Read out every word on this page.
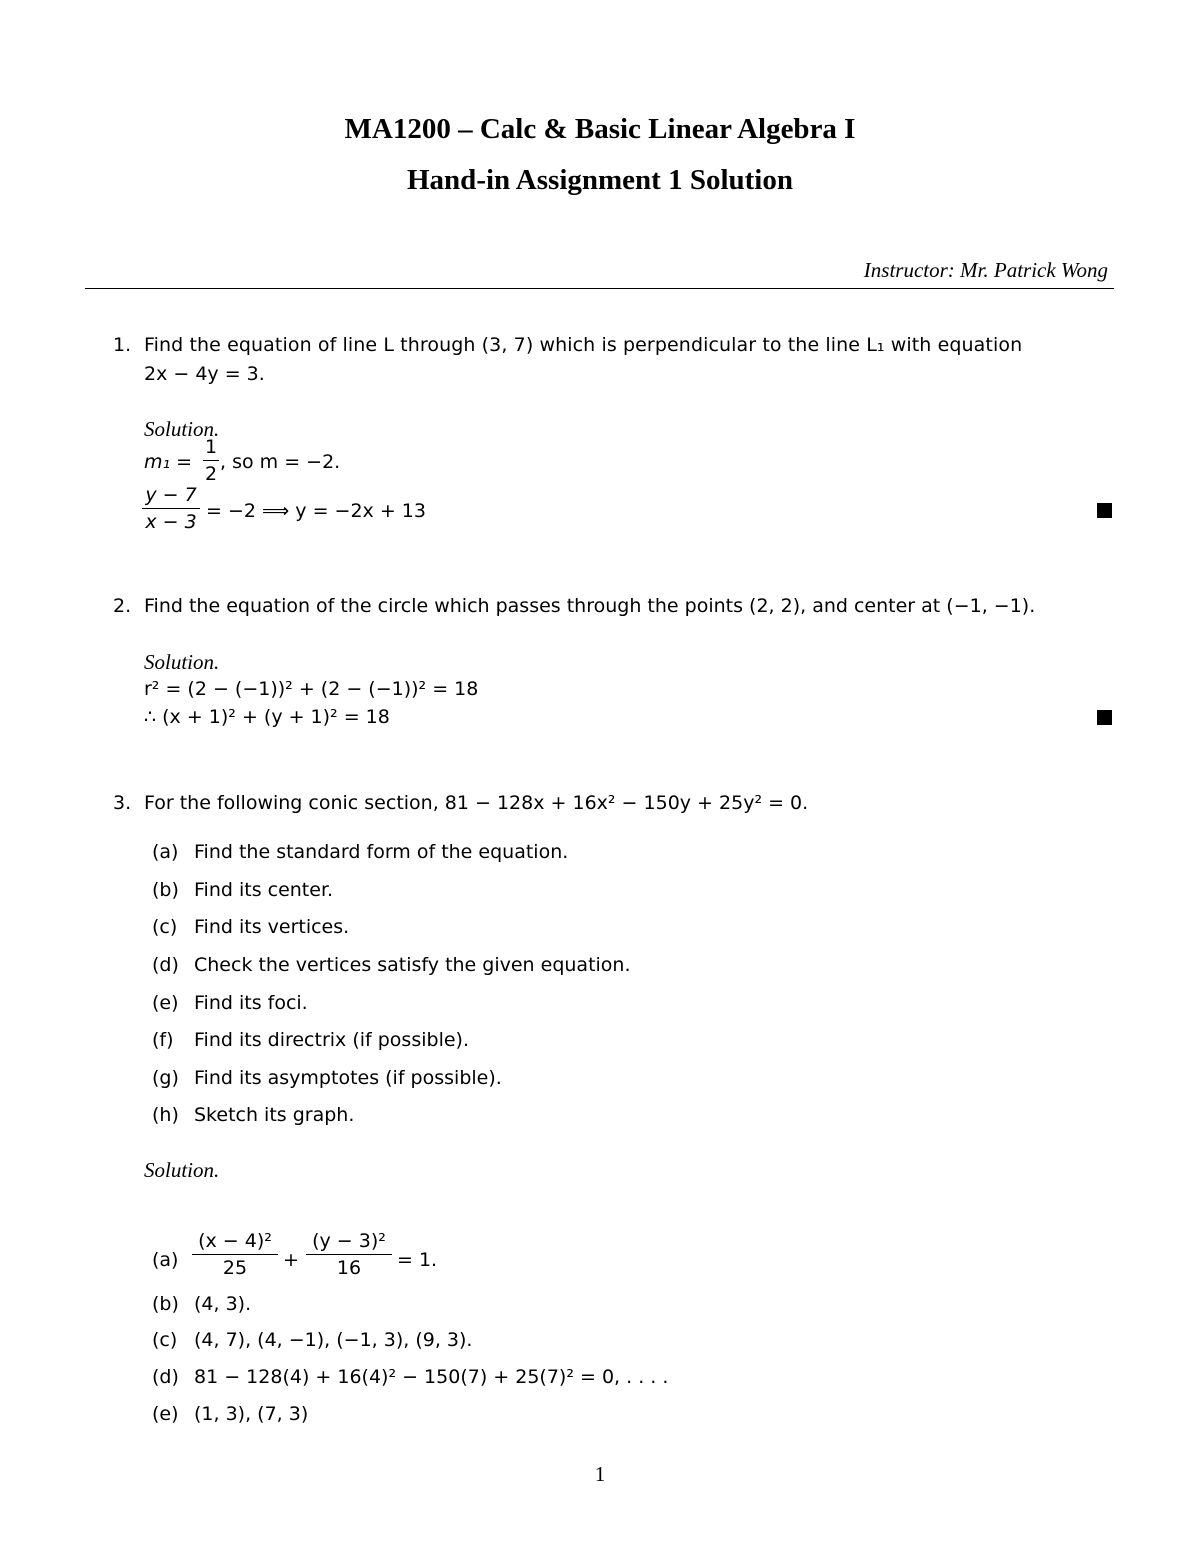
MA1200 – Calc & Basic Linear Algebra I
Hand-in Assignment 1 Solution
Instructor: Mr. Patrick Wong
1. Find the equation of line L through (3, 7) which is perpendicular to the line L₁ with equation
2x − 4y = 3.
Solution.
m₁ =
1
2
, so m = −2.
y − 7
x − 3 = −2 ⟹ y = −2x + 13
2. Find the equation of the circle which passes through the points (2, 2), and center at (−1, −1).
Solution.
r² = (2 − (−1))² + (2 − (−1))² = 18
∴ (x + 1)² + (y + 1)² = 18
3. For the following conic section, 81 − 128x + 16x² − 150y + 25y² = 0.
(a) Find the standard form of the equation.
(b) Find its center.
(c) Find its vertices.
(d) Check the vertices satisfy the given equation.
(e) Find its foci.
(f) Find its directrix (if possible).
(g) Find its asymptotes (if possible).
(h) Sketch its graph.
Solution.
(a)
(x − 4)²
25	+
(y − 3)²
16	= 1.
(b) (4, 3).
(c) (4, 7), (4, −1), (−1, 3), (9, 3).
(d) 81 − 128(4) + 16(4)² − 150(7) + 25(7)² = 0, . . . .
(e) (1, 3), (7, 3)
1
